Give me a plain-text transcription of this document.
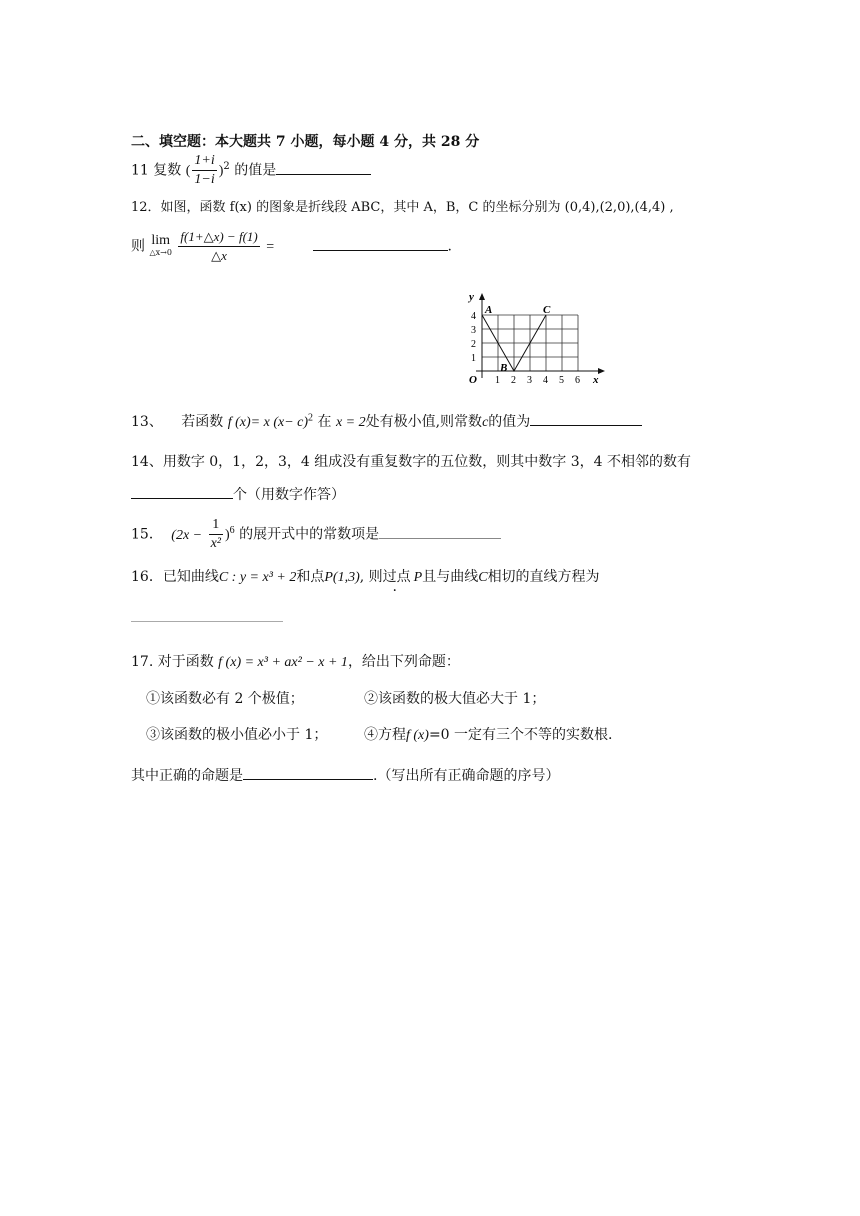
二、填空题：本大题共 7 小题，每小题 4 分，共 28 分
11 复数 ( $\frac{1+i}{1-i} )^2$ 的值是
12．如图，函数 f(x) 的图象是折线段 ABC，其中 A，B，C 的坐标分别为 (0,4),(2,0),(4,4) ,
则 lim
△x→0
$\frac{f(1+\triangle x) - f(1)}{\triangle x}$ =	.
y
x
O 1 2 3 4 5 6
1
2
3
4
A
B
C
13、 若函数 f (x)= x $(x- c)^2$ 在 x = 2处有极小值,则常数c的值为
14、用数字 0，1，2，3，4 组成没有重复数字的五位数，则其中数字 3，4 不相邻的数有
个（用数字作答）
15． $(2x - \frac{1}{\text{x²}} )^6$ 的展开式中的常数项是
16．已知曲线C : y = x³ + 2和点P(1,3), 则过点 P且与曲线C相切的直线方程为
17. 对于函数 f (x) = x³ + ax² − x + 1，给出下列命题：
①该函数必有 2 个极值；	②该函数的极大值必大于 1；
③该函数的极小值必小于 1；	④方程f (x)=0 一定有三个不等的实数根.
其中正确的命题是	.（写出所有正确命题的序号）
